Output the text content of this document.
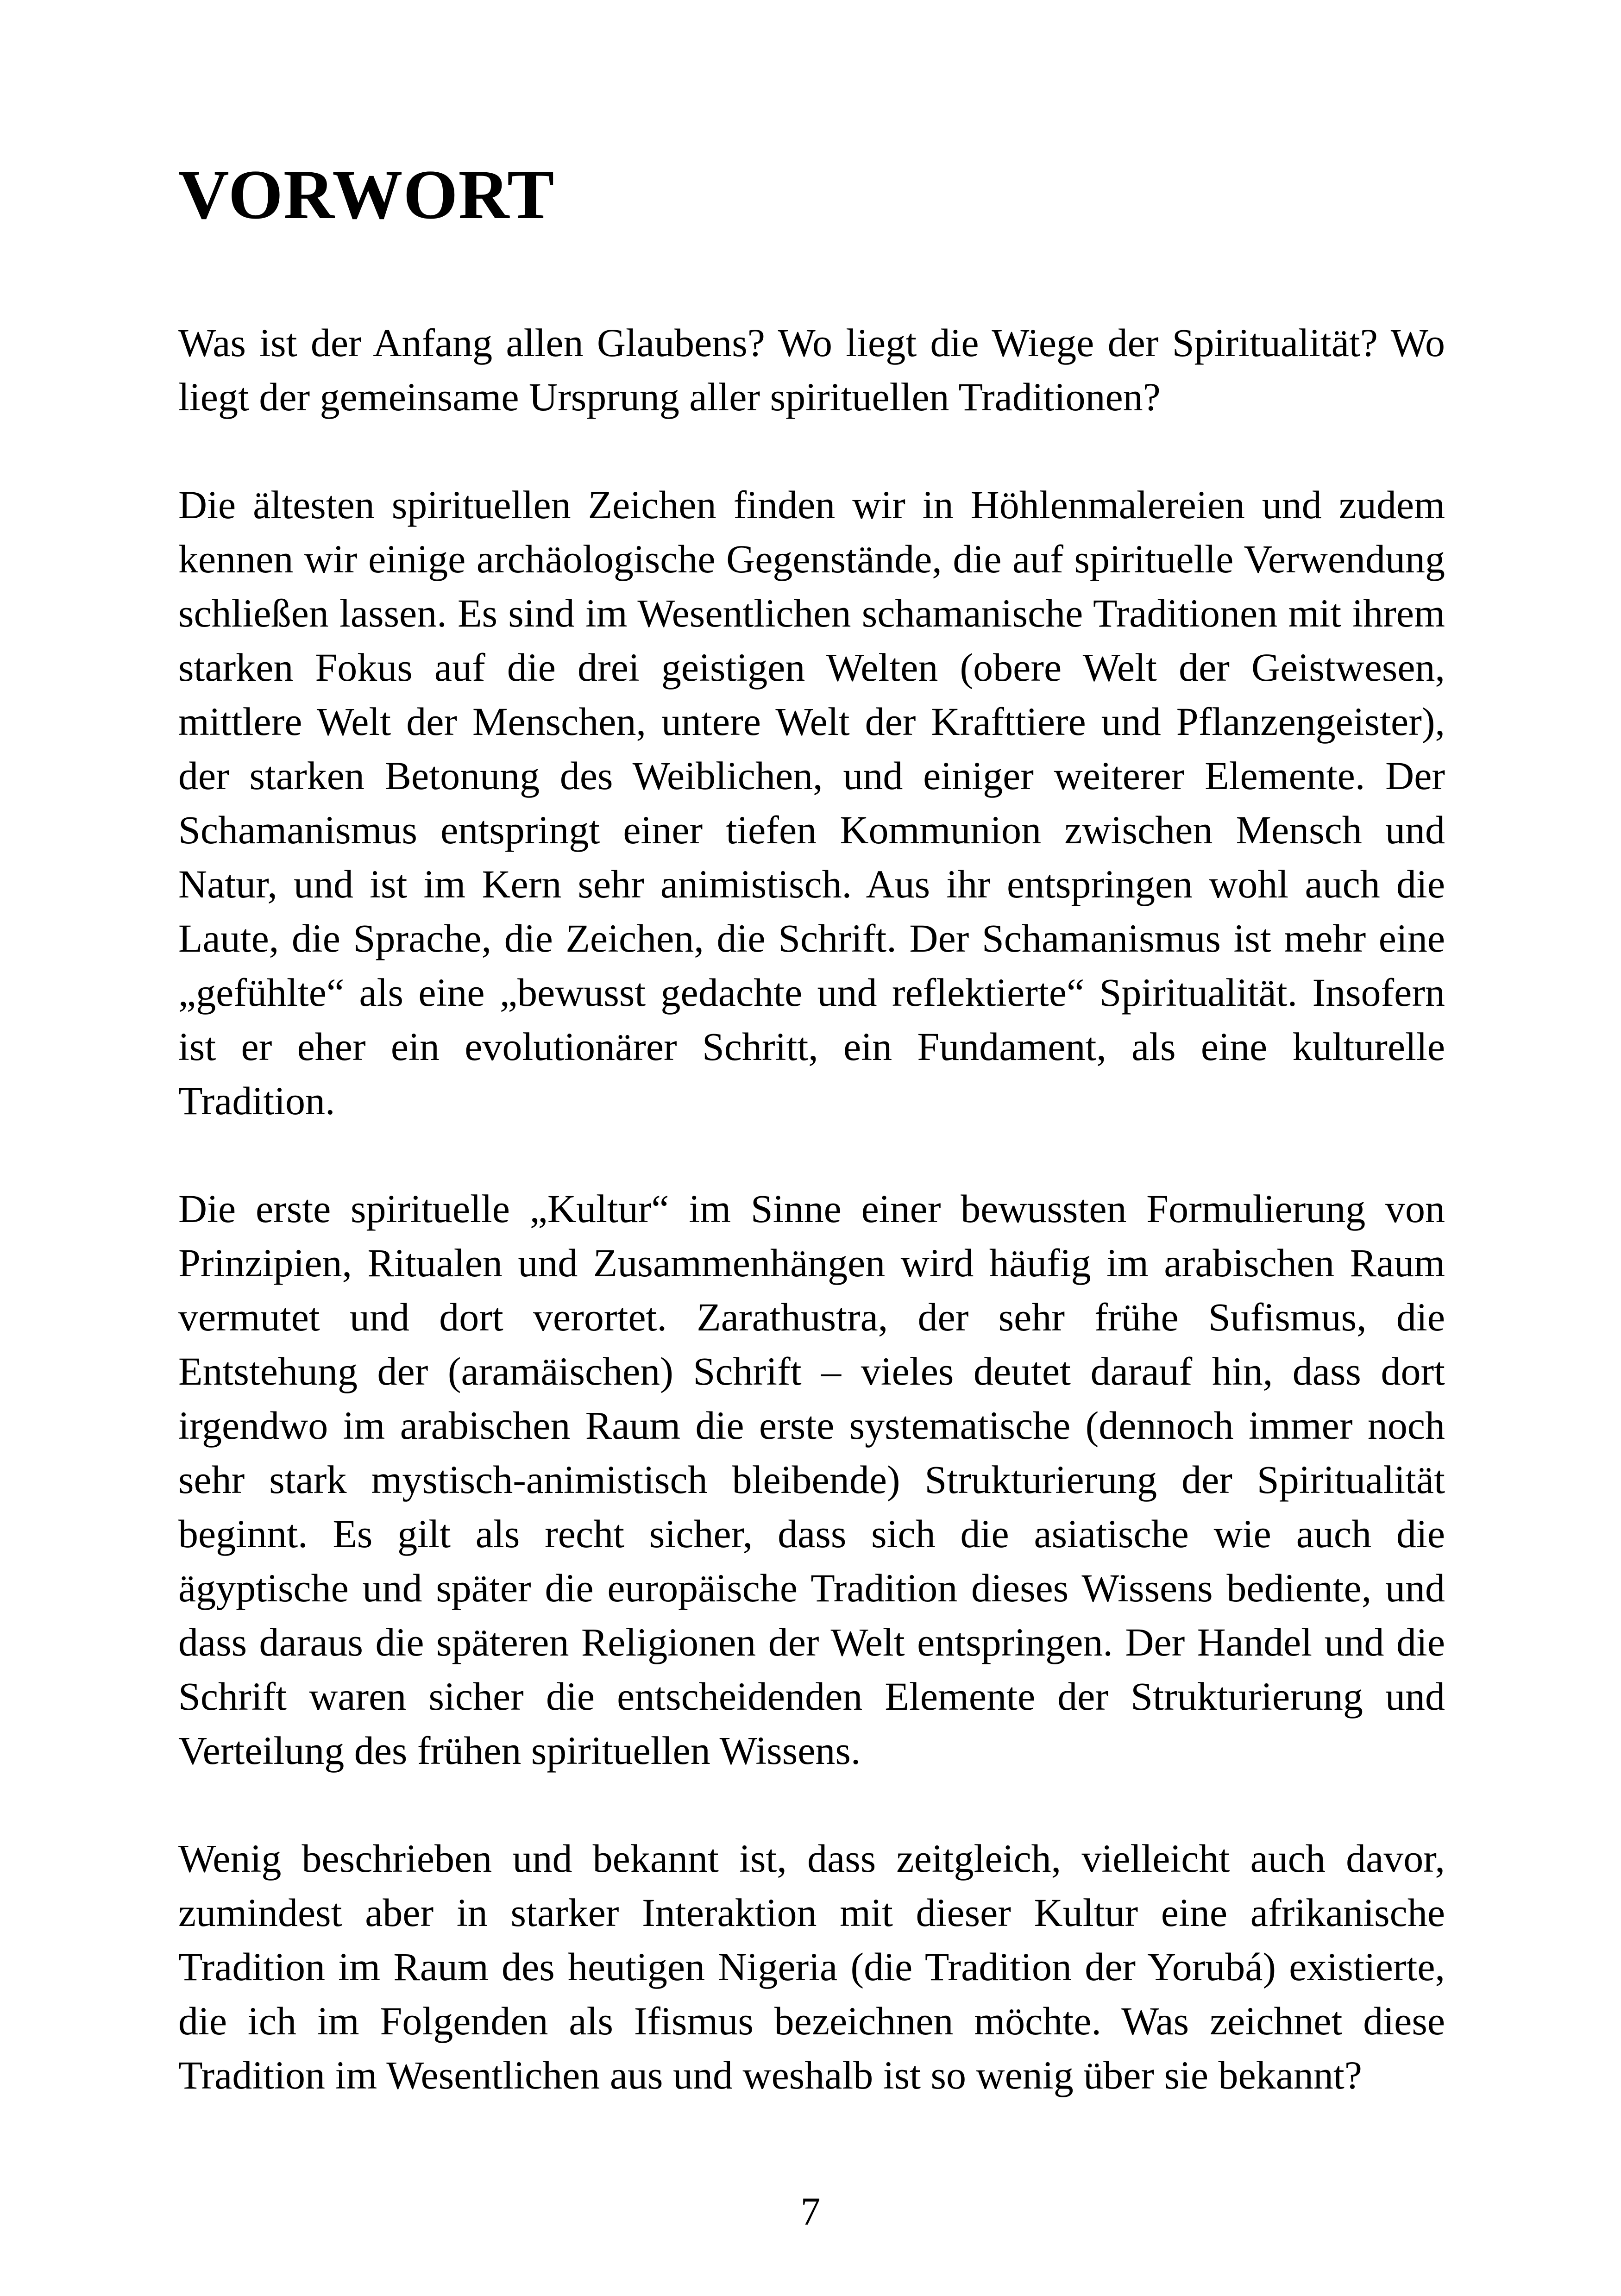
VORWORT

Was ist der Anfang allen Glaubens? Wo liegt die Wiege der Spiritualität? Wo liegt der gemeinsame Ursprung aller spirituellen Traditionen?

Die ältesten spirituellen Zeichen finden wir in Höhlenmalereien und zudem kennen wir einige archäologische Gegenstände, die auf spirituelle Verwendung schließen lassen. Es sind im Wesentlichen schamanische Traditionen mit ihrem starken Fokus auf die drei geistigen Welten (obere Welt der Geistwesen, mittlere Welt der Menschen, untere Welt der Krafttiere und Pflanzengeister), der starken Betonung des Weiblichen, und einiger weiterer Elemente. Der Schamanismus entspringt einer tiefen Kommunion zwischen Mensch und Natur, und ist im Kern sehr animistisch. Aus ihr entspringen wohl auch die Laute, die Sprache, die Zeichen, die Schrift. Der Schamanismus ist mehr eine „gefühlte“ als eine „bewusst gedachte und reflektierte“ Spiritualität. Insofern ist er eher ein evolutionärer Schritt, ein Fundament, als eine kulturelle Tradition.

Die erste spirituelle „Kultur“ im Sinne einer bewussten Formulierung von Prinzipien, Ritualen und Zusammenhängen wird häufig im arabischen Raum vermutet und dort verortet. Zarathustra, der sehr frühe Sufismus, die Entstehung der (aramäischen) Schrift – vieles deutet darauf hin, dass dort irgendwo im arabischen Raum die erste systematische (dennoch immer noch sehr stark mystisch-animistisch bleibende) Strukturierung der Spiritualität beginnt. Es gilt als recht sicher, dass sich die asiatische wie auch die ägyptische und später die europäische Tradition dieses Wissens bediente, und dass daraus die späteren Religionen der Welt entspringen. Der Handel und die Schrift waren sicher die entscheidenden Elemente der Strukturierung und Verteilung des frühen spirituellen Wissens.

Wenig beschrieben und bekannt ist, dass zeitgleich, vielleicht auch davor, zumindest aber in starker Interaktion mit dieser Kultur eine afrikanische Tradition im Raum des heutigen Nigeria (die Tradition der Yorubá) existierte, die ich im Folgenden als Ifismus bezeichnen möchte. Was zeichnet diese Tradition im Wesentlichen aus und weshalb ist so wenig über sie bekannt?

7
